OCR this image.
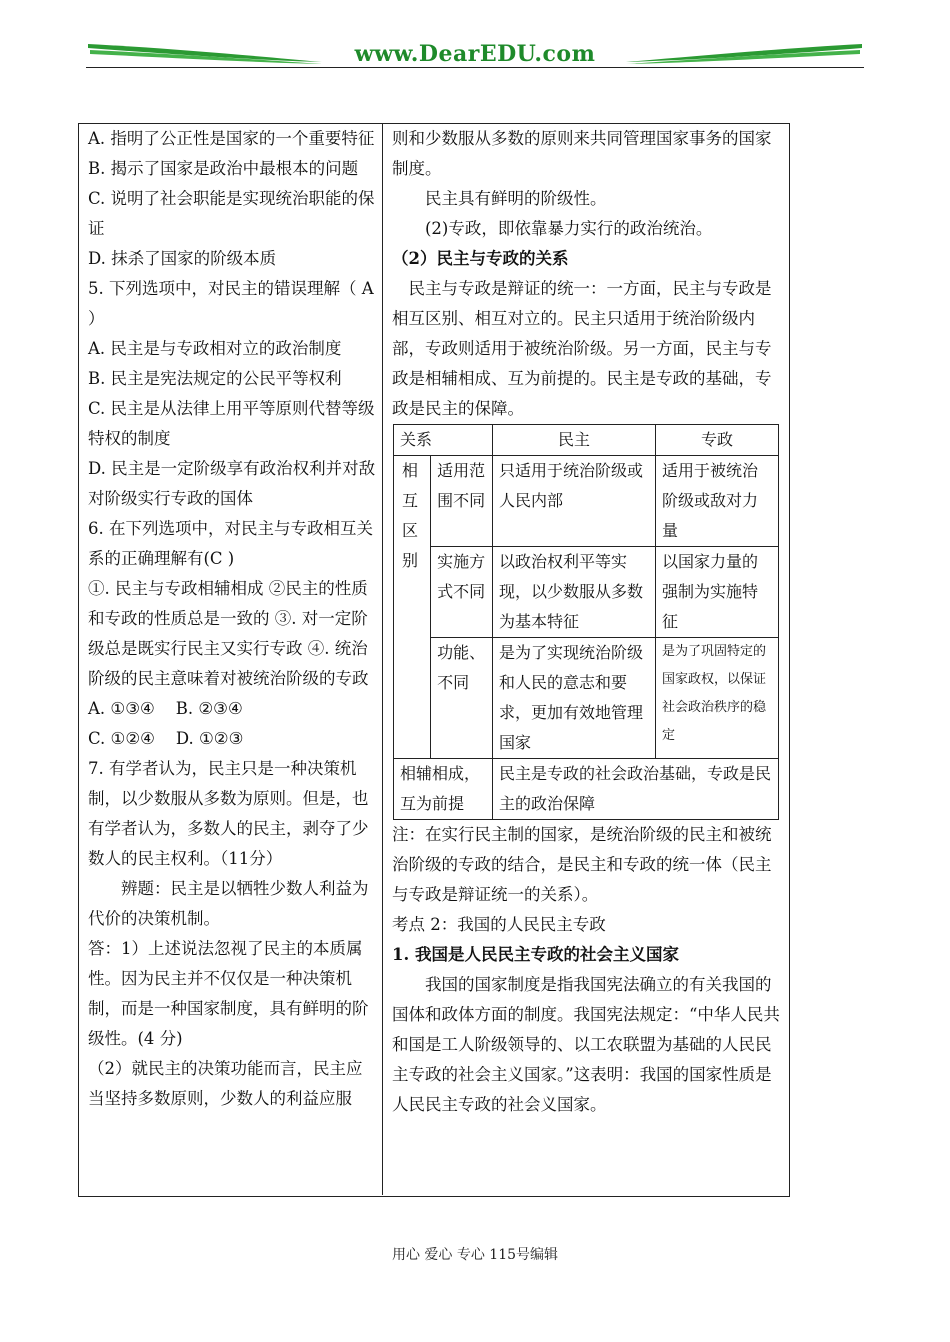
www.DearEDU.com

A. 指明了公正性是国家的一个重要特征

B. 揭示了国家是政治中最根本的问题

C. 说明了社会职能是实现统治职能的保证

D. 抹杀了国家的阶级本质

5. 下列选项中，对民主的错误理解（ A ）

A. 民主是与专政相对立的政治制度

B. 民主是宪法规定的公民平等权利

C. 民主是从法律上用平等原则代替等级特权的制度

D. 民主是一定阶级享有政治权利并对敌对阶级实行专政的国体

6. 在下列选项中，对民主与专政相互关系的正确理解有(C )

①. 民主与专政相辅相成 ②民主的性质和专政的性质总是一致的 ③. 对一定阶级总是既实行民主又实行专政 ④. 统治阶级的民主意味着对被统治阶级的专政

A. ①③④    B. ②③④

C. ①②④    D. ①②③

7. 有学者认为，民主只是一种决策机制，以少数服从多数为原则。但是，也有学者认为，多数人的民主，剥夺了少数人的民主权利。（11分）

辨题：民主是以牺牲少数人利益为代价的决策机制。

答：1）上述说法忽视了民主的本质属性。因为民主并不仅仅是一种决策机制，而是一种国家制度，具有鲜明的阶级性。(4 分)

（2）就民主的决策功能而言，民主应当坚持多数原则，少数人的利益应服

则和少数服从多数的原则来共同管理国家事务的国家制度。

民主具有鲜明的阶级性。

(2)专政，即依靠暴力实行的政治统治。

（2）民主与专政的关系

民主与专政是辩证的统一：一方面，民主与专政是相互区别、相互对立的。民主只适用于统治阶级内部，专政则适用于被统治阶级。另一方面，民主与专政是相辅相成、互为前提的。民主是专政的基础，专政是民主的保障。

关系		民主	专政
相互区别	适用范围不同	只适用于统治阶级或人民内部	适用于被统治阶级或敌对力量
	实施方式不同	以政治权利平等实现，以少数服从多数为基本特征	以国家力量的强制为实施特征
	功能、不同	是为了实现统治阶级和人民的意志和要求，更加有效地管理国家	是为了巩固特定的国家政权，以保证社会政治秩序的稳定
相辅相成，互为前提		民主是专政的社会政治基础，专政是民主的政治保障	

注：在实行民主制的国家，是统治阶级的民主和被统治阶级的专政的结合，是民主和专政的统一体（民主与专政是辩证统一的关系）。

考点 2：我国的人民民主专政

1. 我国是人民民主专政的社会主义国家

我国的国家制度是指我国宪法确立的有关我国的国体和政体方面的制度。我国宪法规定：“中华人民共和国是工人阶级领导的、以工农联盟为基础的人民民主专政的社会主义国家。”这表明：我国的国家性质是人民民主专政的社会义国家。

用心 爱心 专心 115号编辑
